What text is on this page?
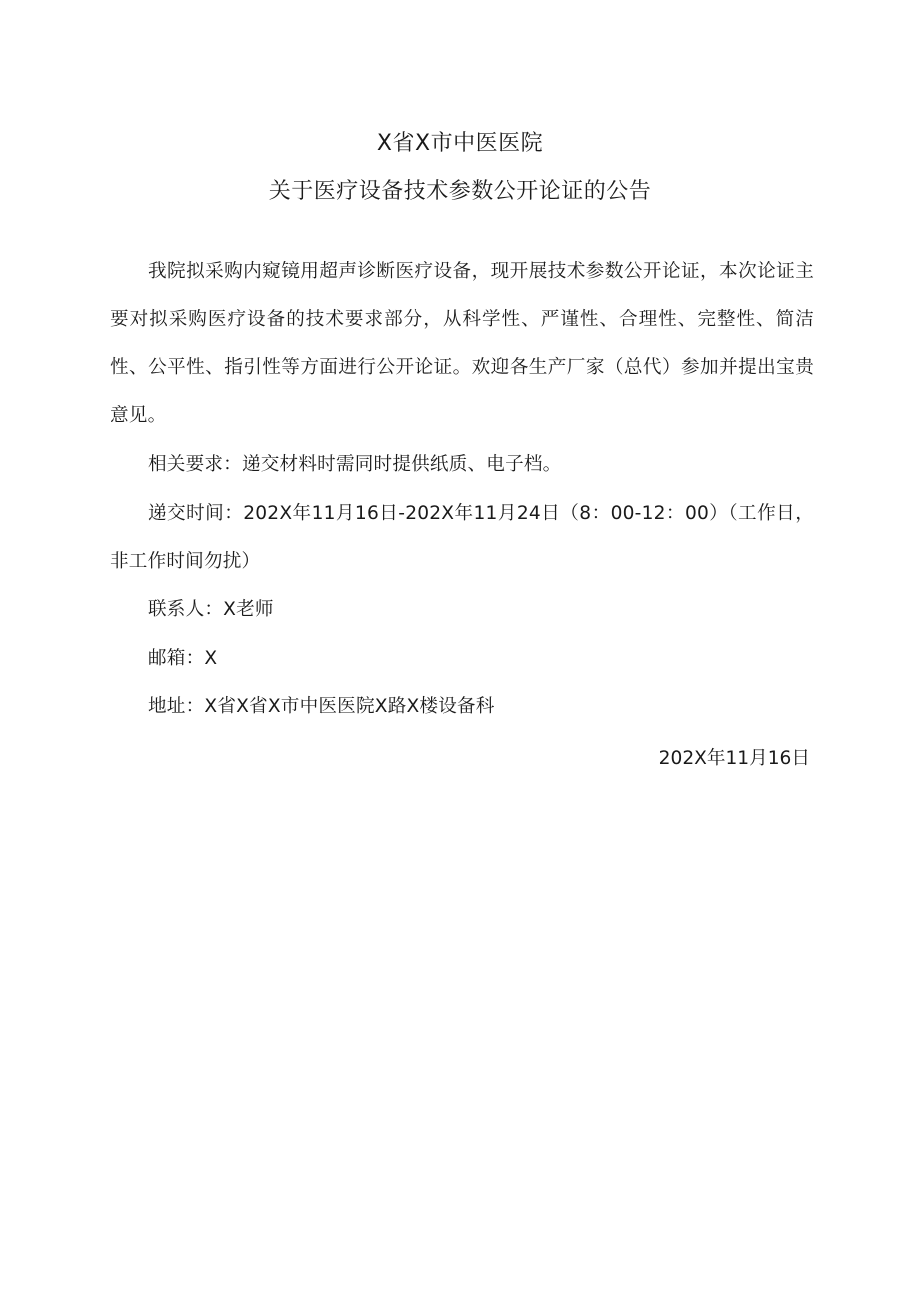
X省X市中医医院
关于医疗设备技术参数公开论证的公告

我院拟采购内窥镜用超声诊断医疗设备，现开展技术参数公开论证，本次论证主要对拟采购医疗设备的技术要求部分，从科学性、严谨性、合理性、完整性、简洁性、公平性、指引性等方面进行公开论证。欢迎各生产厂家（总代）参加并提出宝贵意见。

相关要求：递交材料时需同时提供纸质、电子档。

递交时间：202X年11月16日-202X年11月24日（8：00-12：00）（工作日，非工作时间勿扰）

联系人：X老师

邮箱：X

地址：X省X省X市中医医院X路X楼设备科

202X年11月16日
